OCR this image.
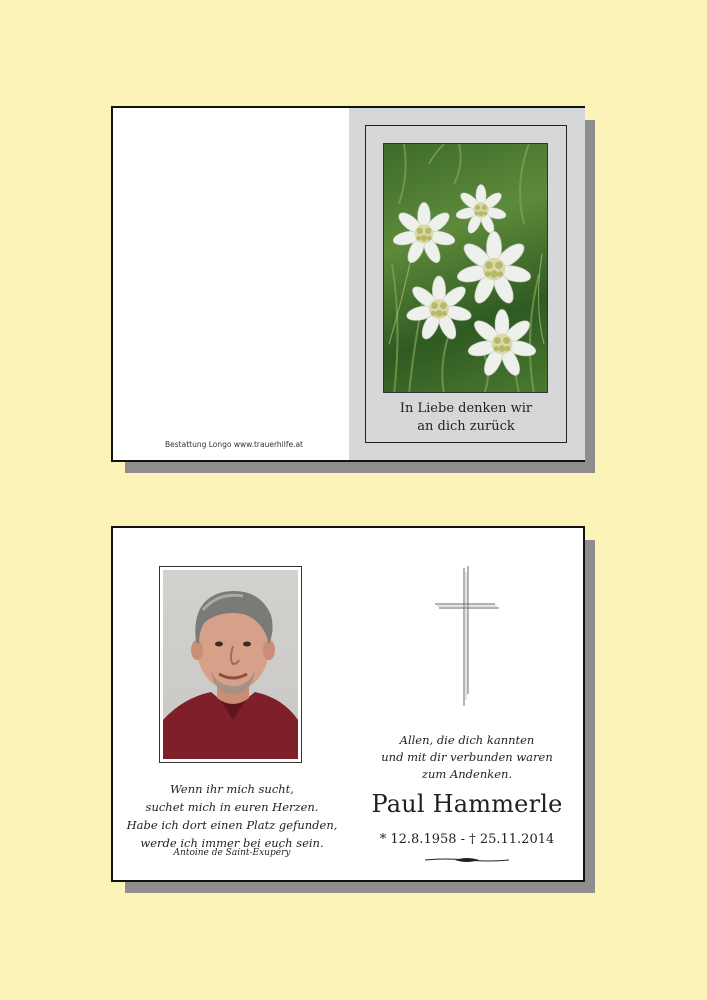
Bestattung Longo www.trauerhilfe.at
In Liebe denken wir
an dich zurück
Wenn ihr mich sucht,
suchet mich in euren Herzen.
Habe ich dort einen Platz gefunden,
werde ich immer bei euch sein.
Antoine de Saint-Exupéry
Allen, die dich kannten
und mit dir verbunden waren
zum Andenken.
Paul Hammerle
* 12.8.1958 - † 25.11.2014
